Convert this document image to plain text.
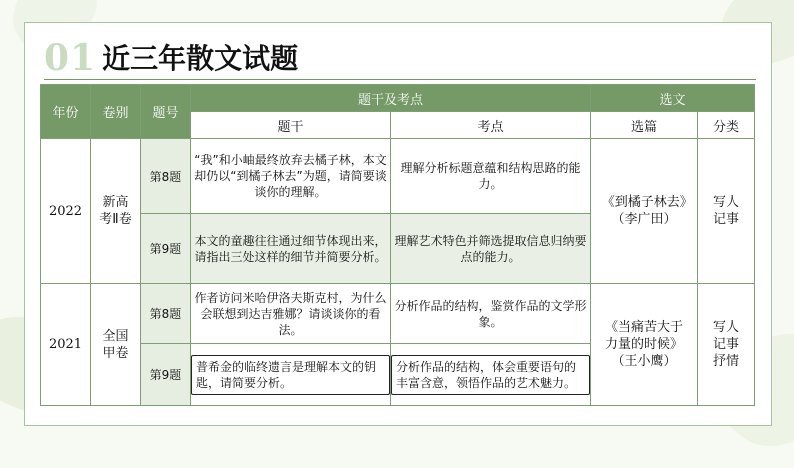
01 近三年散文试题
年份	卷别	题号	题干及考点		选文	
			题干	考点	选篇	分类
2022	新高考Ⅱ卷	第8题	“我”和小岫最终放弃去橘子林，本文却仍以“到橘子林去”为题，请简要谈谈你的理解。	理解分析标题意蕴和结构思路的能力。	《到橘子林去》（李广田）	写人记事
		第9题	本文的童趣往往通过细节体现出来，请指出三处这样的细节并简要分析。	理解艺术特色并筛选提取信息归纳要点的能力。		
2021	全国甲卷	第8题	作者访问米哈伊洛夫斯克村，为什么会联想到达吉雅娜？请谈谈你的看法。	分析作品的结构，鉴赏作品的文学形象。	《当痛苦大于力量的时候》（王小鹰）	写人记事抒情
		第9题	普希金的临终遗言是理解本文的钥匙，请简要分析。	分析作品的结构，体会重要语句的丰富含意，领悟作品的艺术魅力。		
